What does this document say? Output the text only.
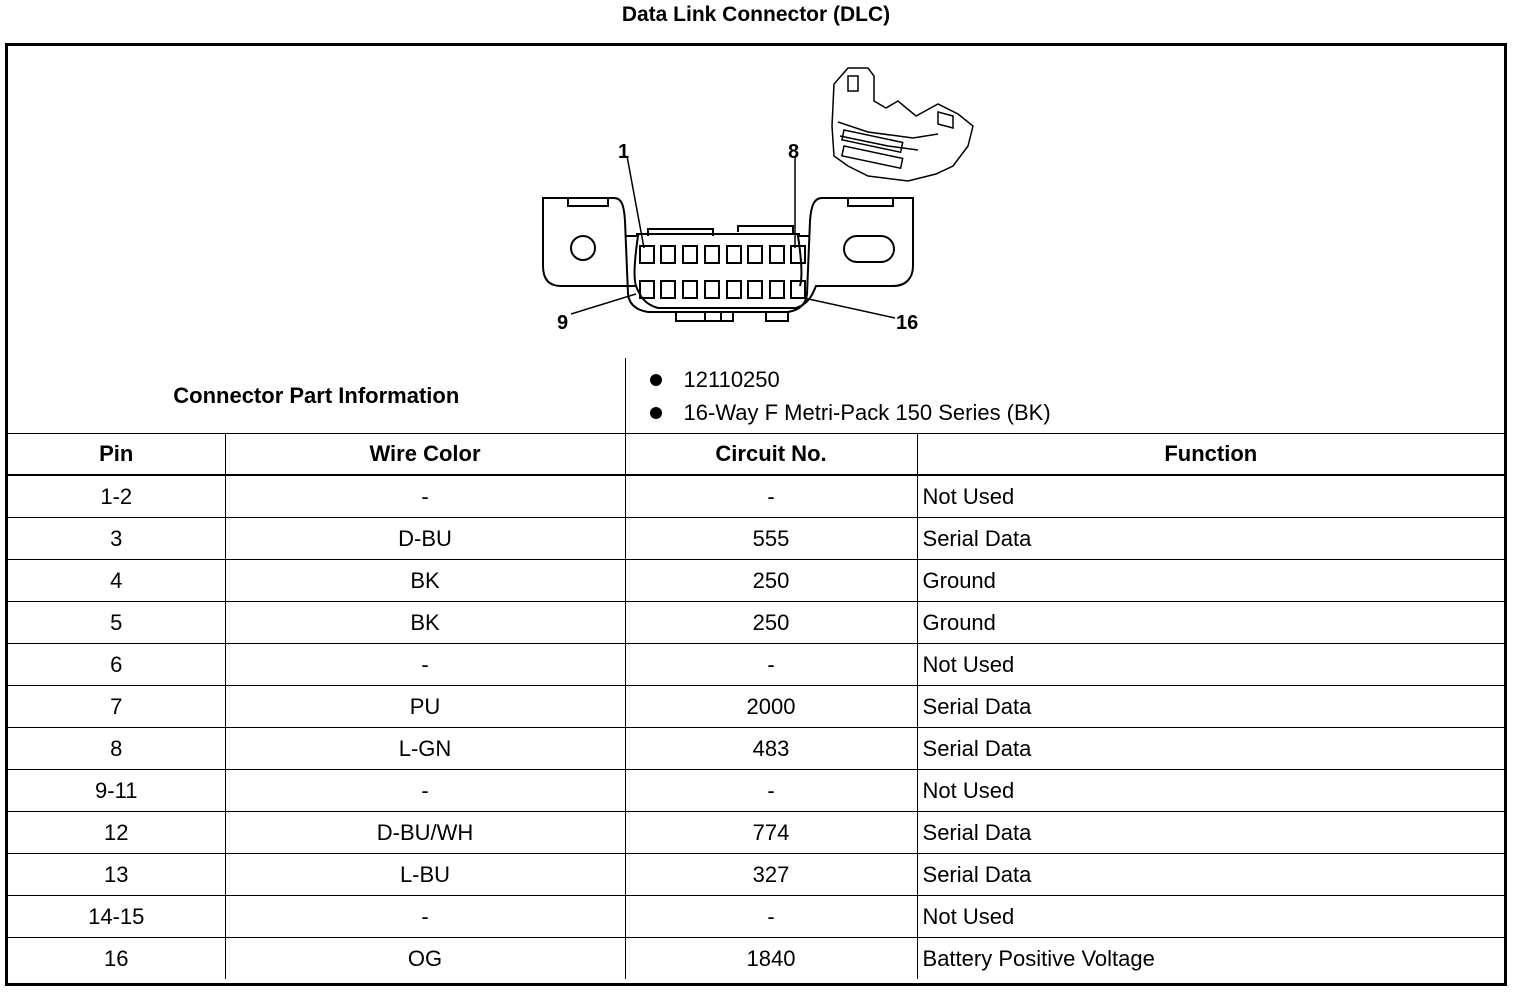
Data Link Connector (DLC)
1	8
9	16
Connector Part Information		12110250
16-Way F Metri-Pack 150 Series (BK)	

Pin	Wire Color	Circuit No.	Function
1-2	-	-	Not Used
3	D-BU	555	Serial Data
4	BK	250	Ground
5	BK	250	Ground
6	-	-	Not Used
7	PU	2000	Serial Data
8	L-GN	483	Serial Data
9-11	-	-	Not Used
12	D-BU/WH	774	Serial Data
13	L-BU	327	Serial Data
14-15	-	-	Not Used
16	OG	1840	Battery Positive Voltage
